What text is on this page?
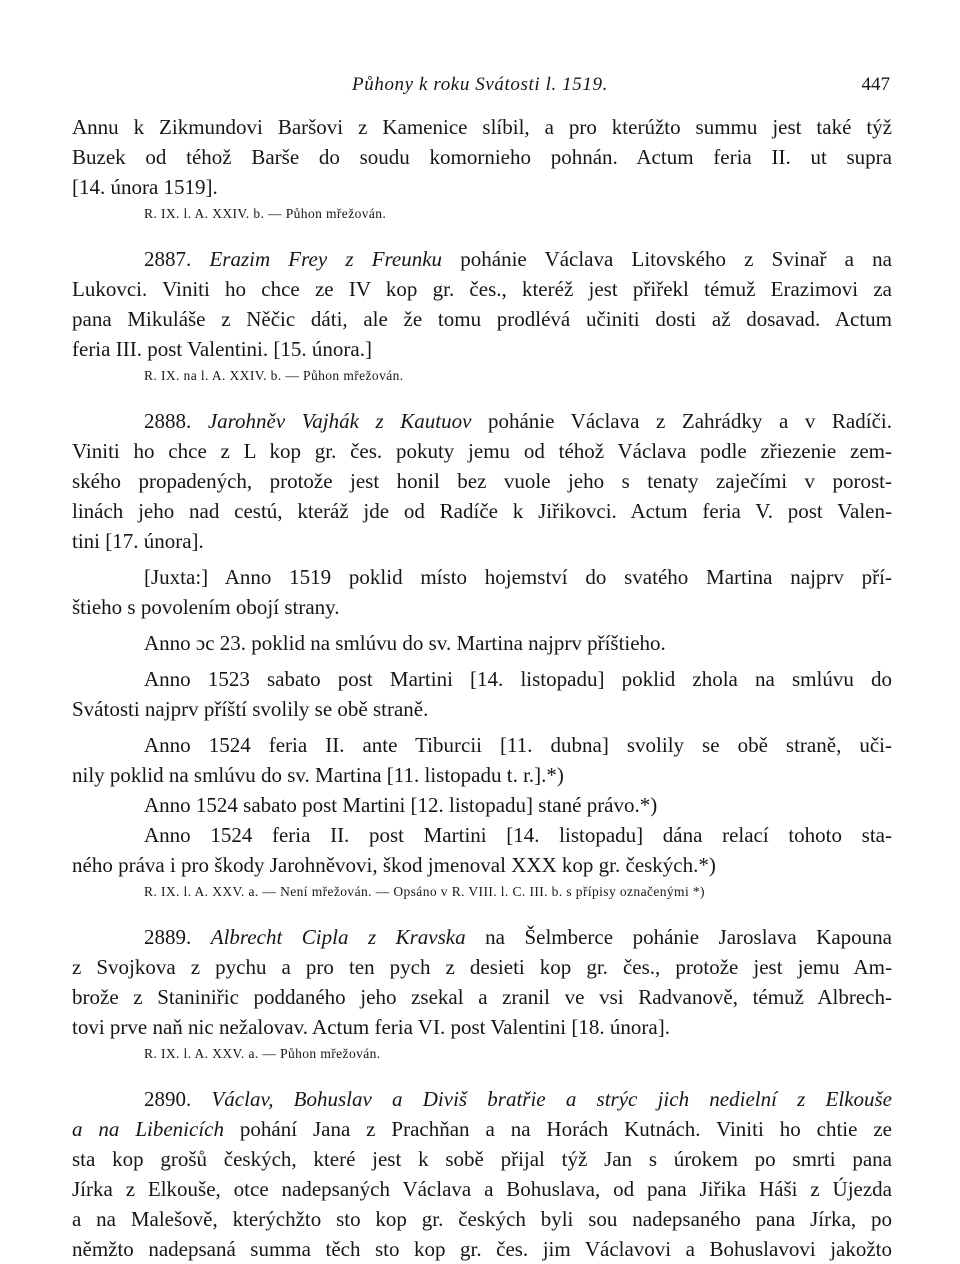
Půhony k roku Svátosti l. 1519.	447
Annu k Zikmundovi Baršovi z Kamenice slíbil, a pro kterúžto summu jest také týž
Buzek od téhož Barše do soudu komornieho pohnán. Actum feria II. ut supra
[14. února 1519].
R. IX. l. A. XXIV. b. — Půhon mřežován.
2887. Erazim Frey z Freunku pohánie Václava Litovského z Svinař a na
Lukovci. Viniti ho chce ze IV kop gr. čes., kteréž jest přiřekl témuž Erazimovi za
pana Mikuláše z Něčic dáti, ale že tomu prodlévá učiniti dosti až dosavad. Actum
feria III. post Valentini. [15. února.]
R. IX. na l. A. XXIV. b. — Půhon mřežován.
2888. Jarohněv Vajhák z Kautuov pohánie Václava z Zahrádky a v Radíči.
Viniti ho chce z L kop gr. čes. pokuty jemu od téhož Václava podle zřiezenie zem-
ského propadených, protože jest honil bez vuole jeho s tenaty zaječími v porost-
linách jeho nad cestú, kteráž jde od Radíče k Jiřikovci. Actum feria V. post Valen-
tini [17. února].
[Juxta:] Anno 1519 poklid místo hojemství do svatého Martina najprv pří-
štieho s povolením obojí strany.
Anno ɔc 23. poklid na smlúvu do sv. Martina najprv příštieho.
Anno 1523 sabato post Martini [14. listopadu] poklid zhola na smlúvu do
Svátosti najprv příští svolily se obě straně.
Anno 1524 feria II. ante Tiburcii [11. dubna] svolily se obě straně, uči-
nily poklid na smlúvu do sv. Martina [11. listopadu t. r.].*)
Anno 1524 sabato post Martini [12. listopadu] stané právo.*)
Anno 1524 feria II. post Martini [14. listopadu] dána relací tohoto sta-
ného práva i pro škody Jarohněvovi, škod jmenoval XXX kop gr. českých.*)
R. IX. l. A. XXV. a. — Není mřežován. — Opsáno v R. VIII. l. C. III. b. s přípisy označenými *)
2889. Albrecht Cipla z Kravska na Šelmberce pohánie Jaroslava Kapouna
z Svojkova z pychu a pro ten pych z desieti kop gr. čes., protože jest jemu Am-
brože z Staniniřic poddaného jeho zsekal a zranil ve vsi Radvanově, témuž Albrech-
tovi prve naň nic nežalovav. Actum feria VI. post Valentini [18. února].
R. IX. l. A. XXV. a. — Půhon mřežován.
2890. Václav, Bohuslav a Diviš bratřie a strýc jich nedielní z Elkouše
a na Libenicích pohání Jana z Prachňan a na Horách Kutnách. Viniti ho chtie ze
sta kop grošů českých, které jest k sobě přijal týž Jan s úrokem po smrti pana
Jírka z Elkouše, otce nadepsaných Václava a Bohuslava, od pana Jiřika Háši z Újezda
a na Malešově, kterýchžto sto kop gr. českých byli sou nadepsaného pana Jírka, po
němžto nadepsaná summa těch sto kop gr. čes. jim Václavovi a Bohuslavovi jakožto
